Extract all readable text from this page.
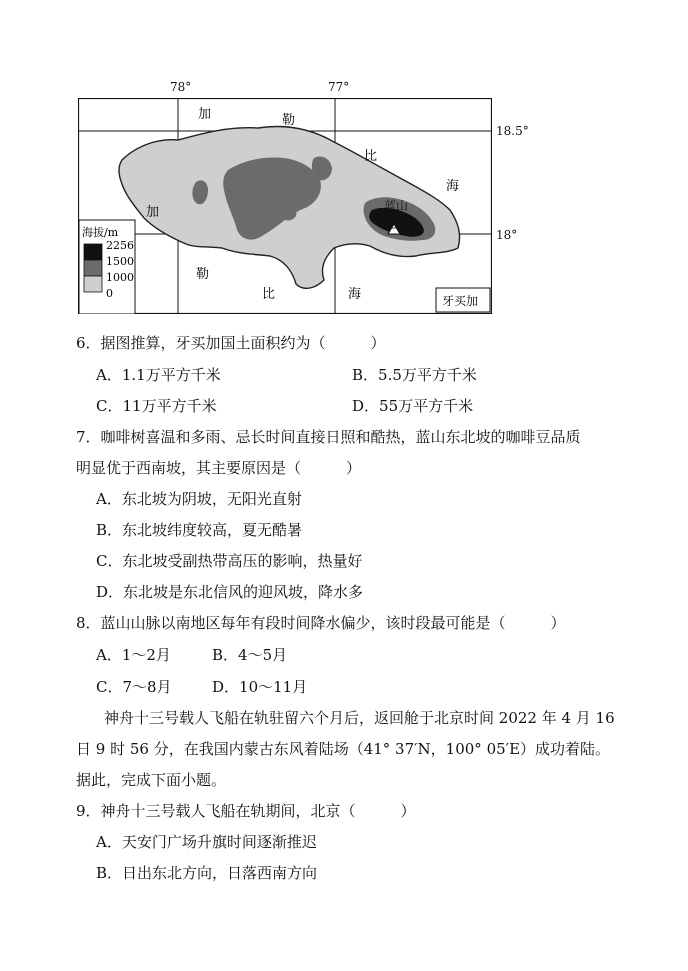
78°	77°
18.5°
18°
加	勒
比
海
加
勒
比	海
蓝山
牙买加
海拔/m
2256
1500
1000
0
6．据图推算，牙买加国土面积约为（　　　）
A．1.1万平方千米	B．5.5万平方千米
C．11万平方千米	D．55万平方千米
7．咖啡树喜温和多雨、忌长时间直接日照和酷热，蓝山东北坡的咖啡豆品质
明显优于西南坡，其主要原因是（　　　）
A．东北坡为阴坡，无阳光直射
B．东北坡纬度较高，夏无酷暑
C．东北坡受副热带高压的影响，热量好
D．东北坡是东北信风的迎风坡，降水多
8．蓝山山脉以南地区每年有段时间降水偏少，该时段最可能是（　　　）
A．1～2月	B．4～5月
C．7～8月	D．10～11月
神舟十三号载人飞船在轨驻留六个月后，返回舱于北京时间 2022 年 4 月 16
日 9 时 56 分，在我国内蒙古东风着陆场（41° 37′N，100° 05′E）成功着陆。
据此，完成下面小题。
9．神舟十三号载人飞船在轨期间，北京（　　　）
A．天安门广场升旗时间逐渐推迟
B．日出东北方向，日落西南方向
